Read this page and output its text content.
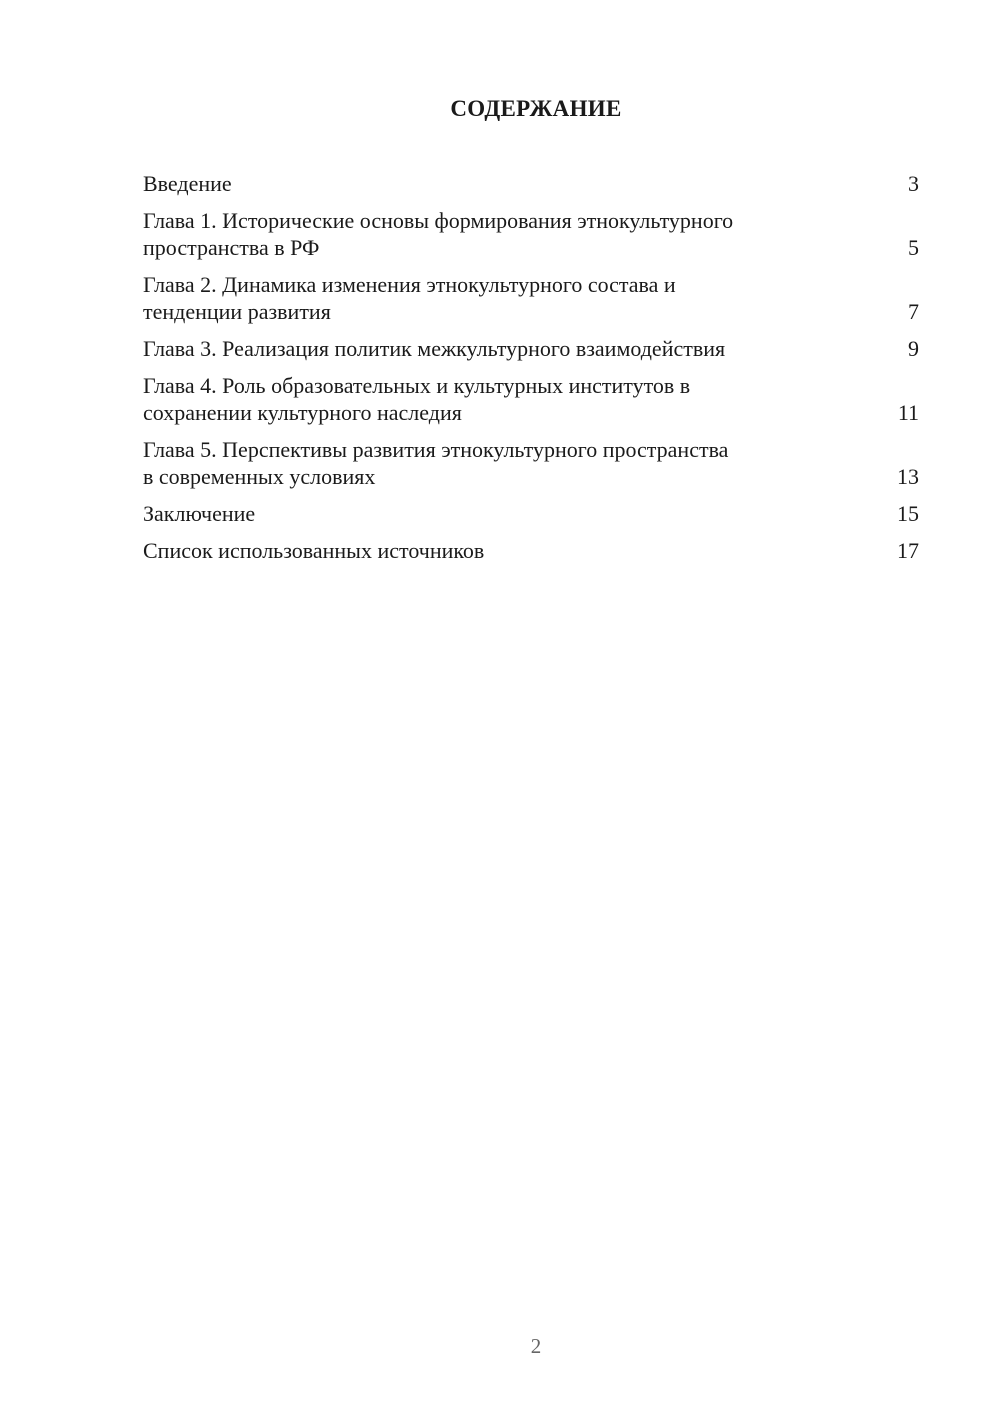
СОДЕРЖАНИЕ
Введение	3
Глава 1. Исторические основы формирования этнокультурного
пространства в РФ	5
Глава 2. Динамика изменения этнокультурного состава и
тенденции развития	7
Глава 3. Реализация политик межкультурного взаимодействия	9
Глава 4. Роль образовательных и культурных институтов в
сохранении культурного наследия	11
Глава 5. Перспективы развития этнокультурного пространства
в современных условиях	13
Заключение	15
Список использованных источников	17
2
